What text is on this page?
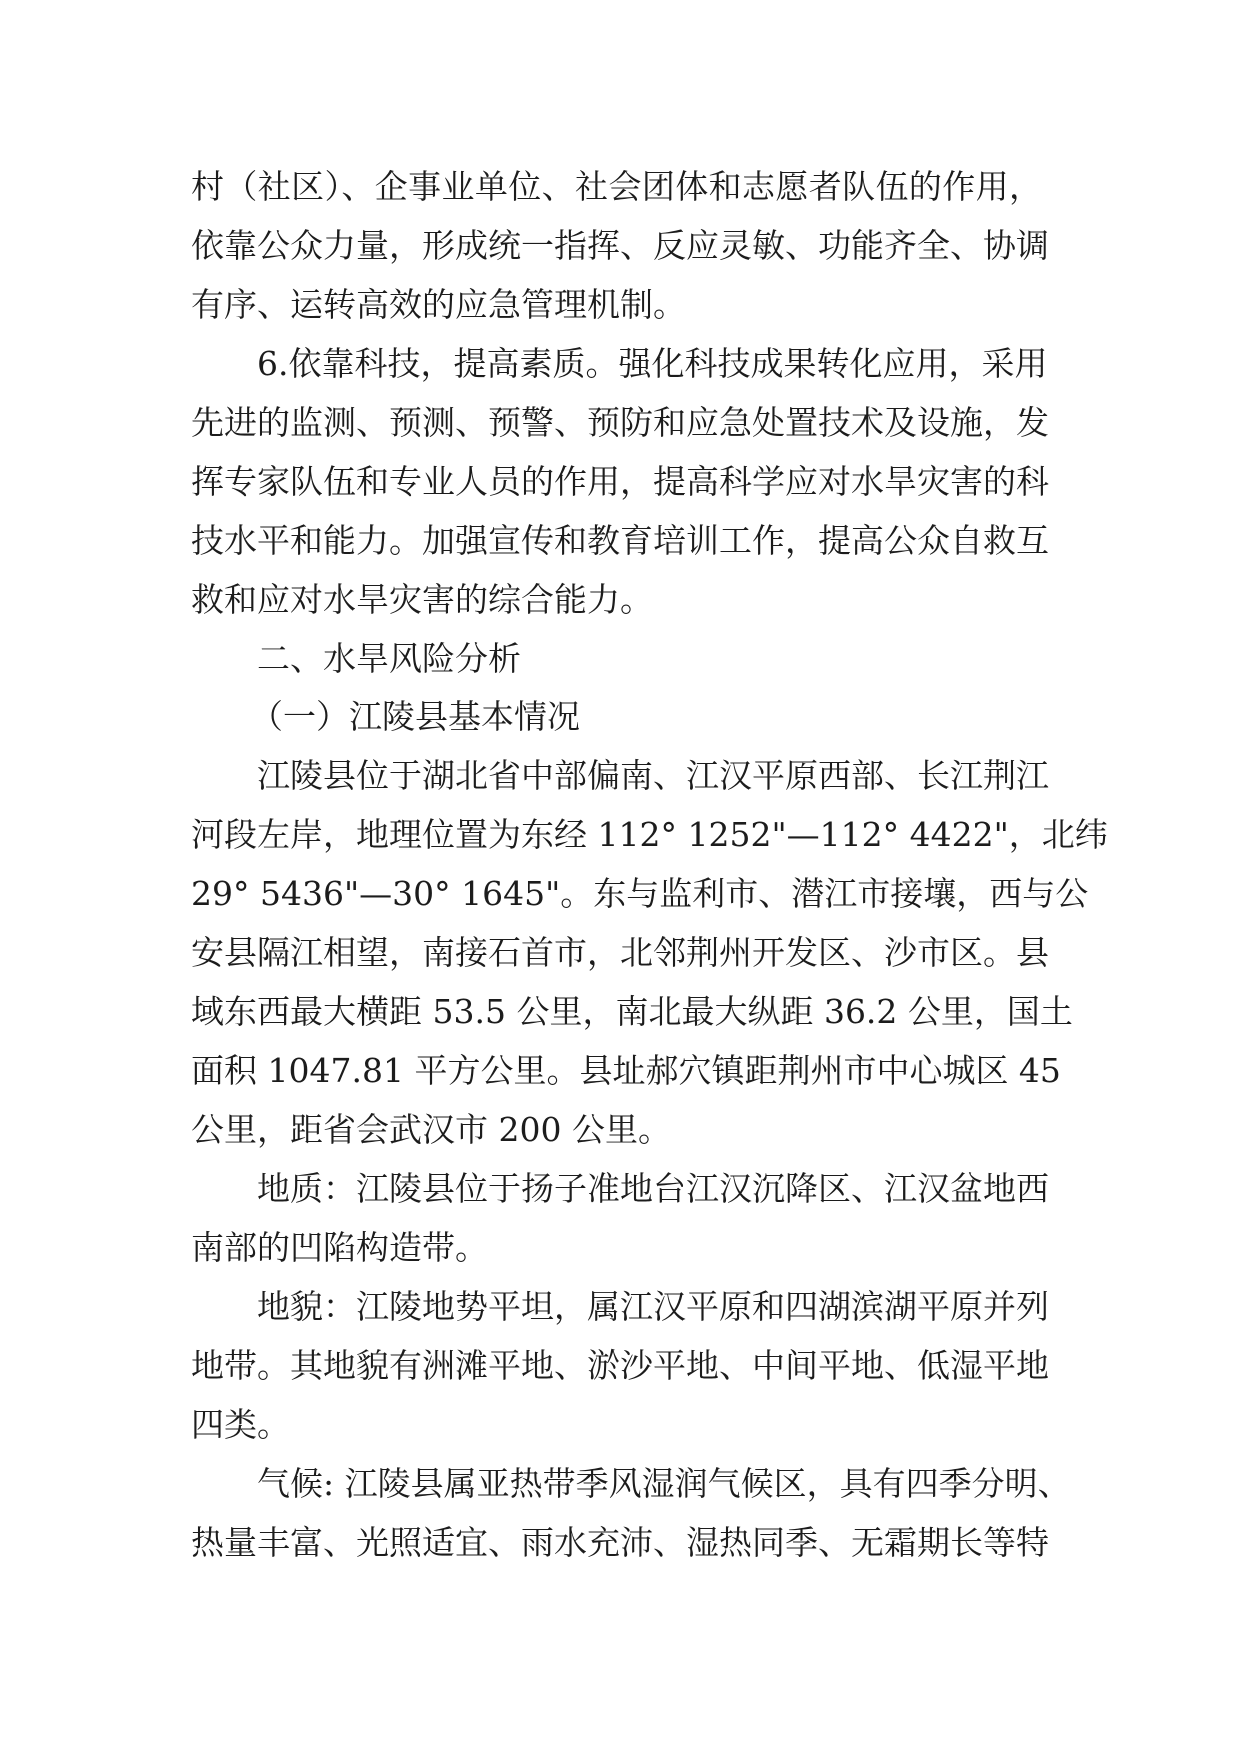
村（社区）、企事业单位、社会团体和志愿者队伍的作用，
依靠公众力量，形成统一指挥、反应灵敏、功能齐全、协调
有序、运转高效的应急管理机制。
6.依靠科技，提高素质。强化科技成果转化应用，采用
先进的监测、预测、预警、预防和应急处置技术及设施，发
挥专家队伍和专业人员的作用，提高科学应对水旱灾害的科
技水平和能力。加强宣传和教育培训工作，提高公众自救互
救和应对水旱灾害的综合能力。
二、水旱风险分析
（一）江陵县基本情况
江陵县位于湖北省中部偏南、江汉平原西部、长江荆江
河段左岸，地理位置为东经 112° 1252"—112° 4422"，北纬
29° 5436"—30° 1645"。东与监利市、潜江市接壤，西与公
安县隔江相望，南接石首市，北邻荆州开发区、沙市区。县
域东西最大横距 53.5 公里，南北最大纵距 36.2 公里，国土
面积 1047.81 平方公里。县址郝穴镇距荆州市中心城区 45
公里，距省会武汉市 200 公里。
地质：江陵县位于扬子准地台江汉沉降区、江汉盆地西
南部的凹陷构造带。
地貌：江陵地势平坦，属江汉平原和四湖滨湖平原并列
地带。其地貌有洲滩平地、淤沙平地、中间平地、低湿平地
四类。
气候: 江陵县属亚热带季风湿润气候区，具有四季分明、
热量丰富、光照适宜、雨水充沛、湿热同季、无霜期长等特
